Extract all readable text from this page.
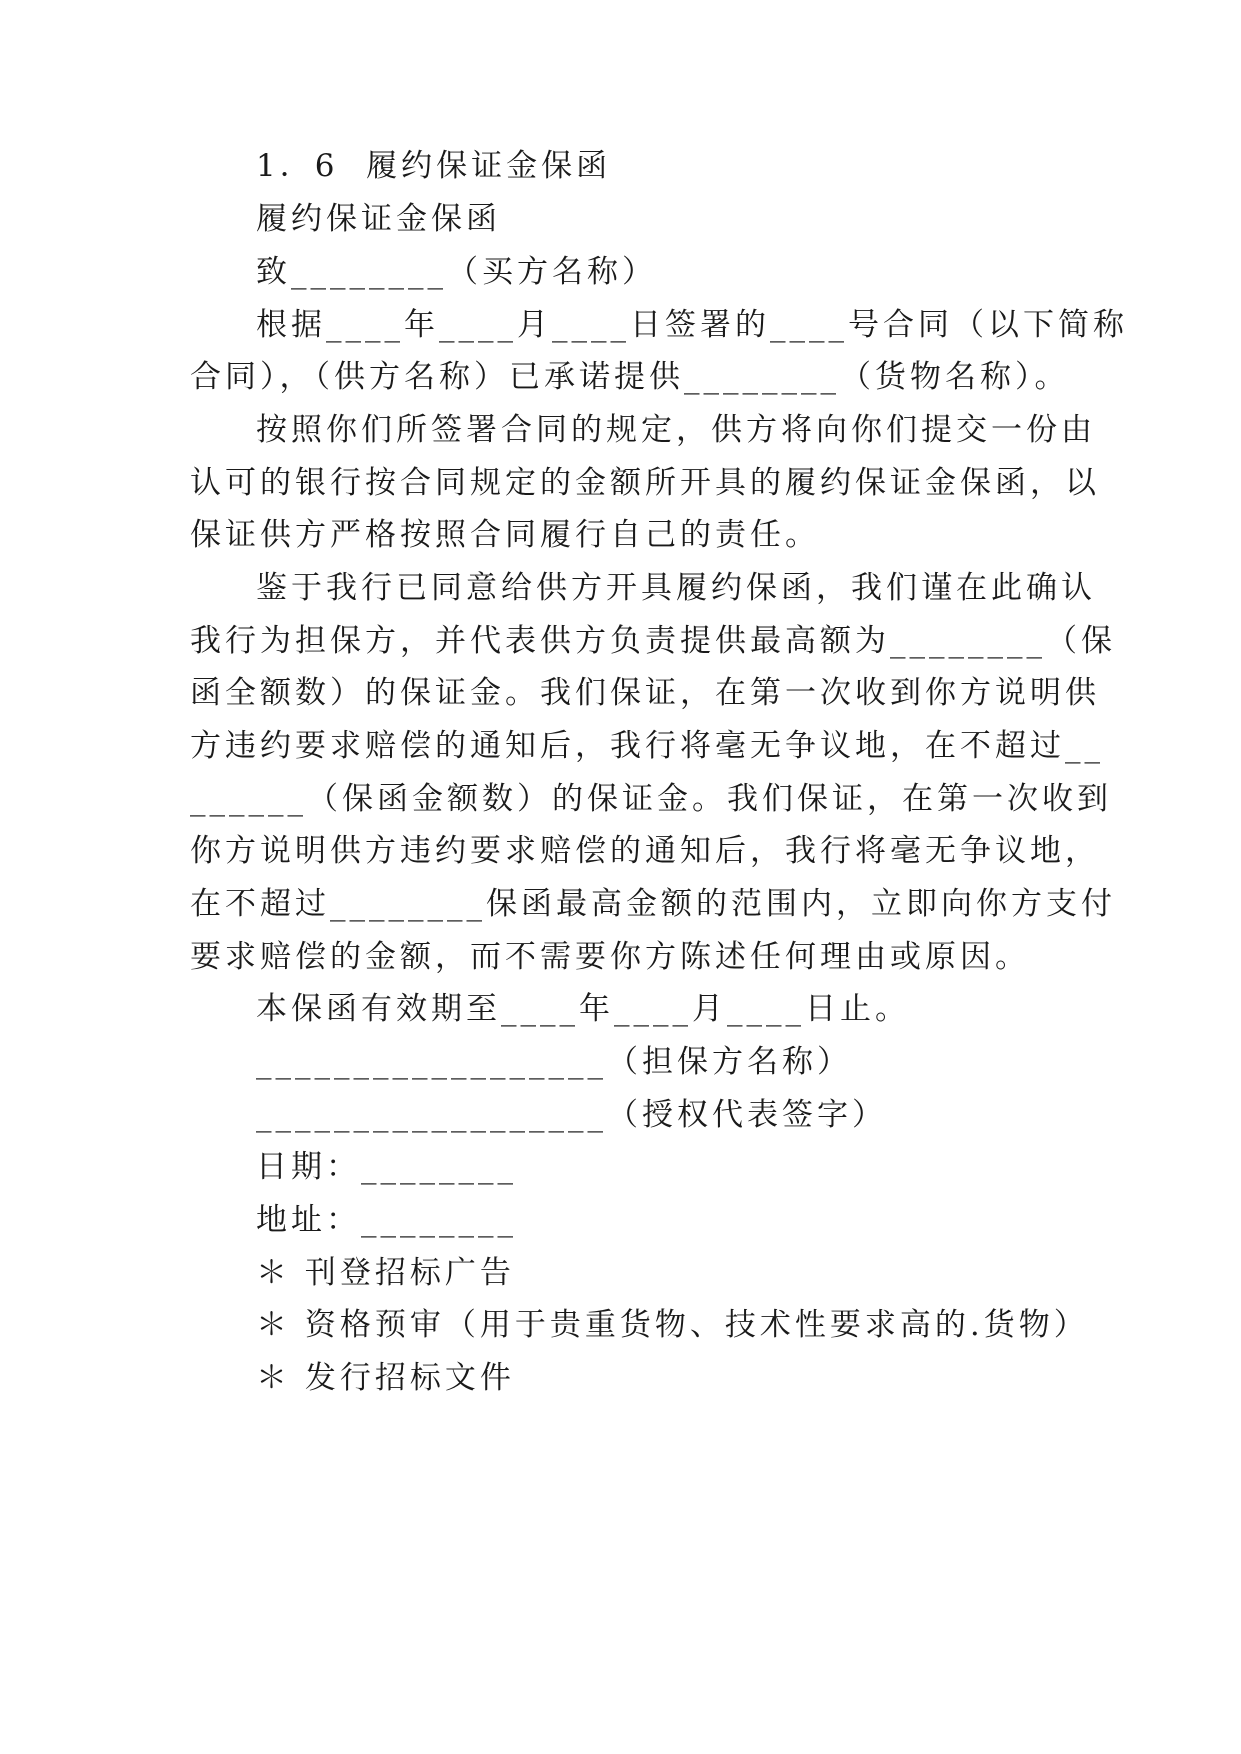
1．6  履约保证金保函
履约保证金保函
致________（买方名称）
根据____年____月____日签署的____号合同（以下简称
合同），（供方名称）已承诺提供________（货物名称）。
按照你们所签署合同的规定，供方将向你们提交一份由
认可的银行按合同规定的金额所开具的履约保证金保函，以
保证供方严格按照合同履行自己的责任。
鉴于我行已同意给供方开具履约保函，我们谨在此确认
我行为担保方，并代表供方负责提供最高额为________（保
函全额数）的保证金。我们保证，在第一次收到你方说明供
方违约要求赔偿的通知后，我行将毫无争议地，在不超过__
______（保函金额数）的保证金。我们保证，在第一次收到
你方说明供方违约要求赔偿的通知后，我行将毫无争议地，
在不超过________保函最高金额的范围内，立即向你方支付
要求赔偿的金额，而不需要你方陈述任何理由或原因。
本保函有效期至____年____月____日止。
__________________（担保方名称）
__________________（授权代表签字）
日期：________
地址：________
＊ 刊登招标广告
＊ 资格预审（用于贵重货物、技术性要求高的.货物）
＊ 发行招标文件
